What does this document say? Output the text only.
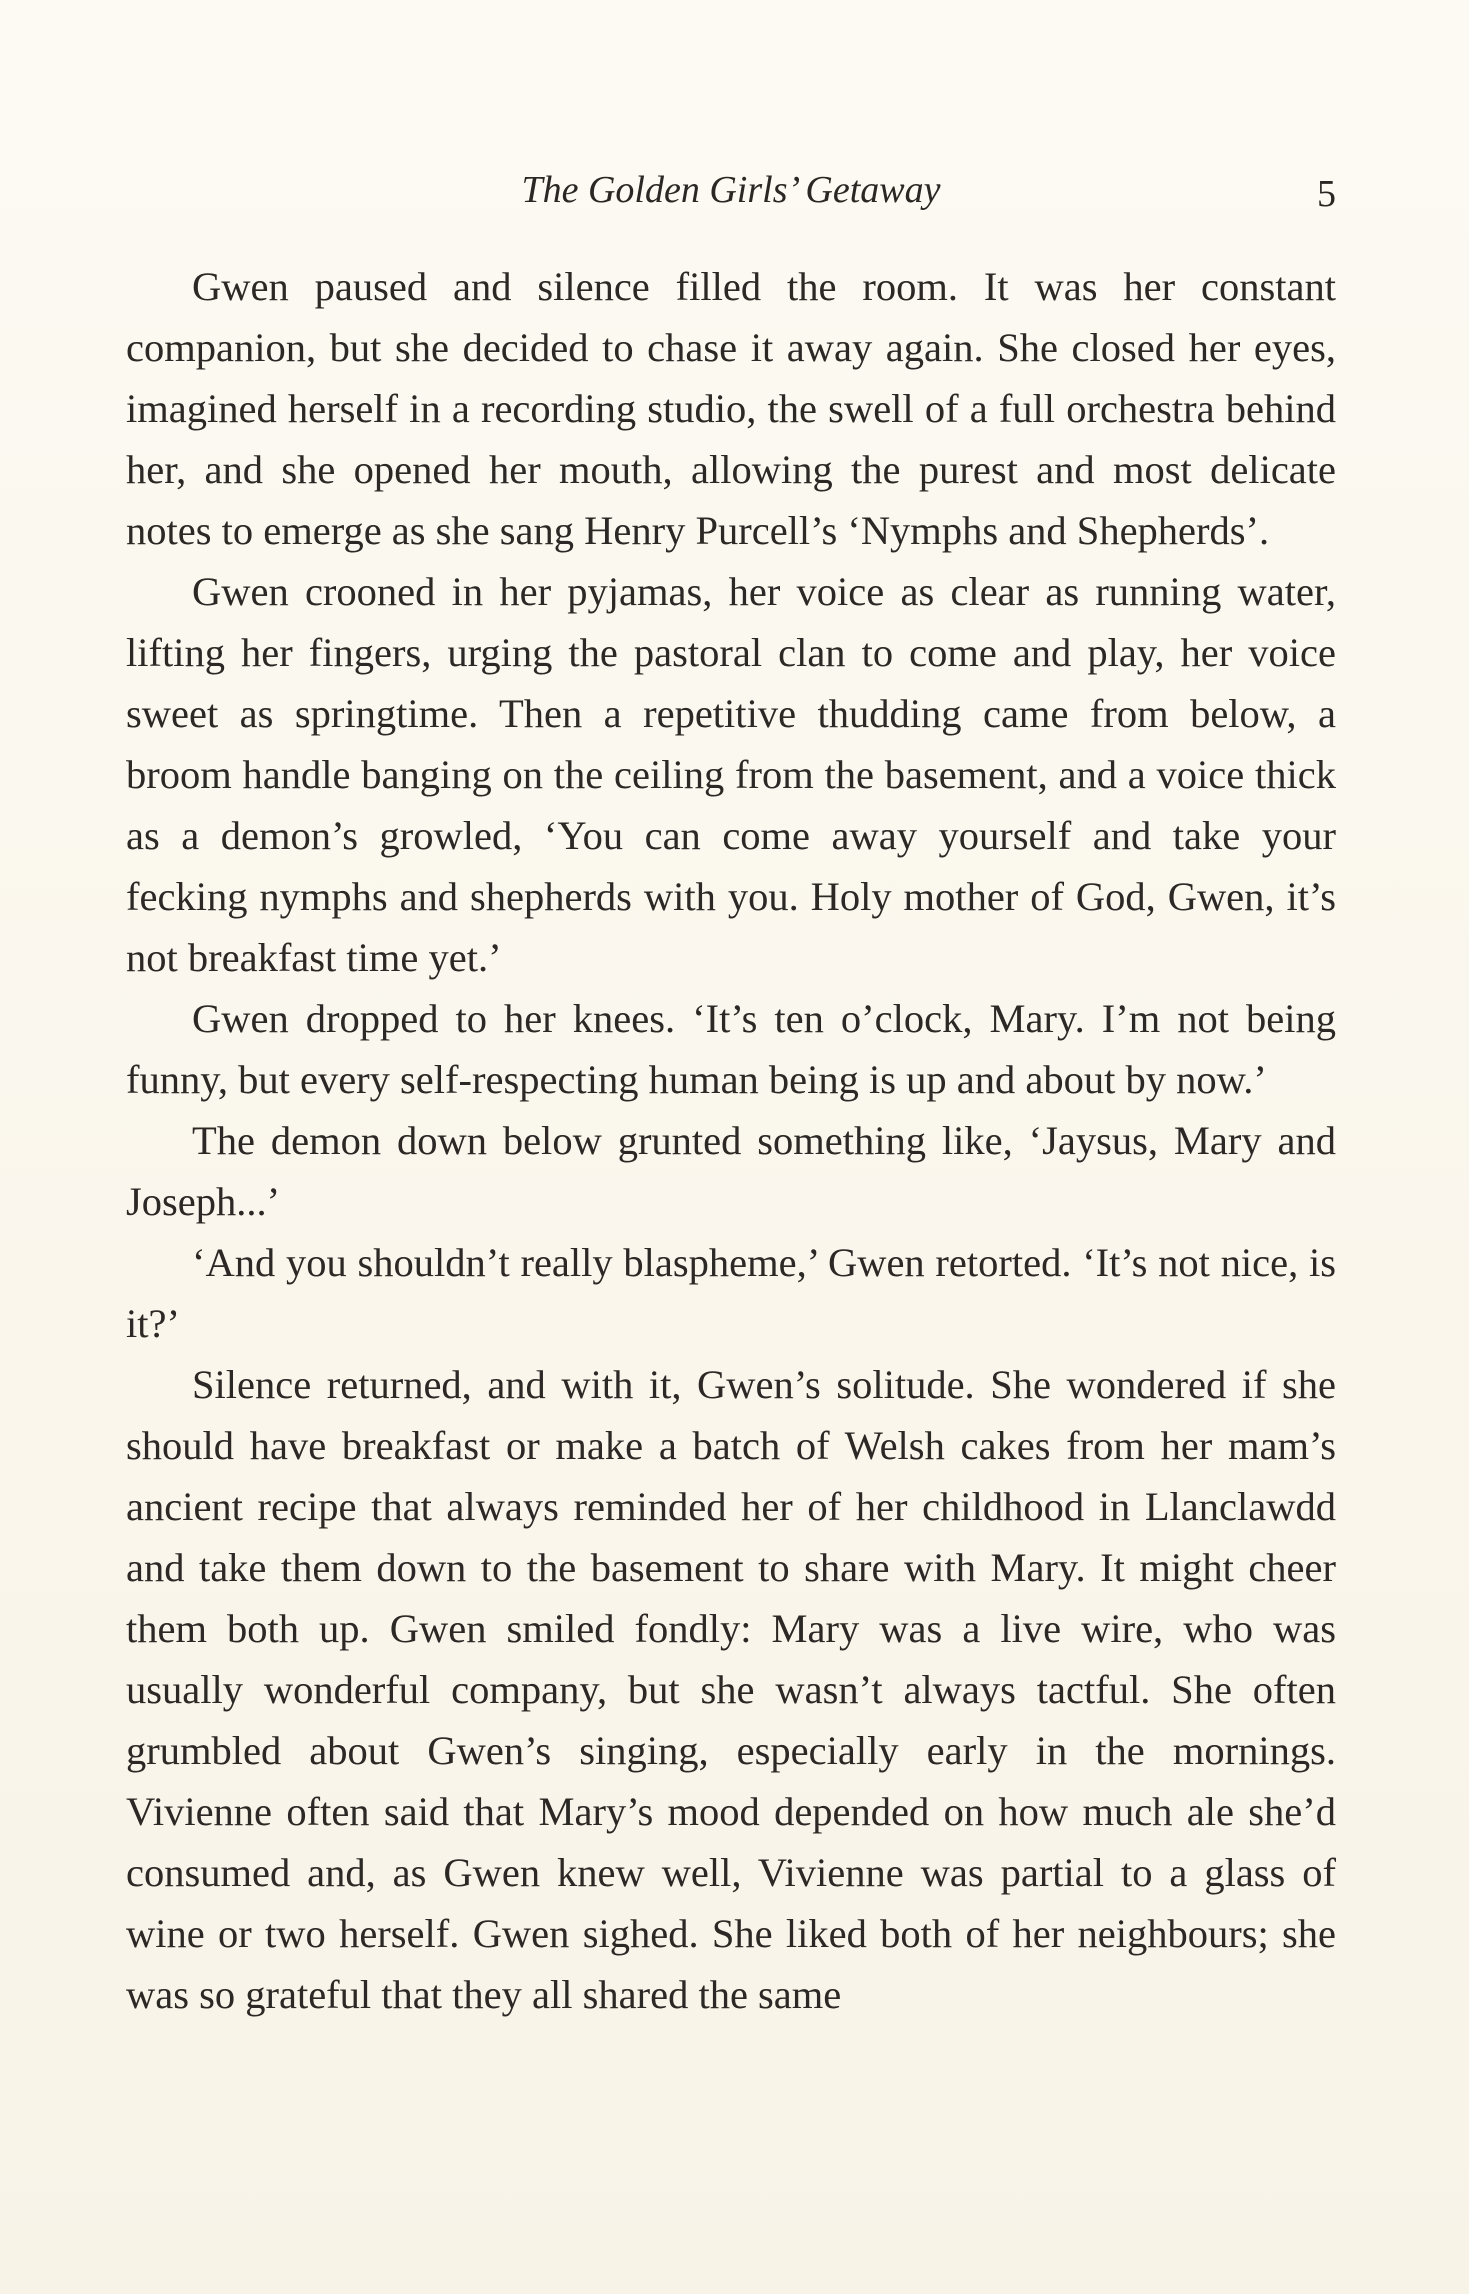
The Golden Girls’ Getaway	5

Gwen paused and silence filled the room. It was her constant companion, but she decided to chase it away again. She closed her eyes, imagined herself in a recording studio, the swell of a full orchestra behind her, and she opened her mouth, allowing the purest and most delicate notes to emerge as she sang Henry Purcell’s ‘Nymphs and Shepherds’.

Gwen crooned in her pyjamas, her voice as clear as running water, lifting her fingers, urging the pastoral clan to come and play, her voice sweet as springtime. Then a repetitive thudding came from below, a broom handle banging on the ceiling from the basement, and a voice thick as a demon’s growled, ‘You can come away yourself and take your fecking nymphs and shepherds with you. Holy mother of God, Gwen, it’s not breakfast time yet.’

Gwen dropped to her knees. ‘It’s ten o’clock, Mary. I’m not being funny, but every self-respecting human being is up and about by now.’

The demon down below grunted something like, ‘Jaysus, Mary and Joseph...’

‘And you shouldn’t really blaspheme,’ Gwen retorted. ‘It’s not nice, is it?’

Silence returned, and with it, Gwen’s solitude. She wondered if she should have breakfast or make a batch of Welsh cakes from her mam’s ancient recipe that always reminded her of her childhood in Llanclawdd and take them down to the basement to share with Mary. It might cheer them both up. Gwen smiled fondly: Mary was a live wire, who was usually wonderful company, but she wasn’t always tactful. She often grumbled about Gwen’s singing, especially early in the mornings. Vivienne often said that Mary’s mood depended on how much ale she’d consumed and, as Gwen knew well, Vivienne was partial to a glass of wine or two herself. Gwen sighed. She liked both of her neighbours; she was so grateful that they all shared the same
